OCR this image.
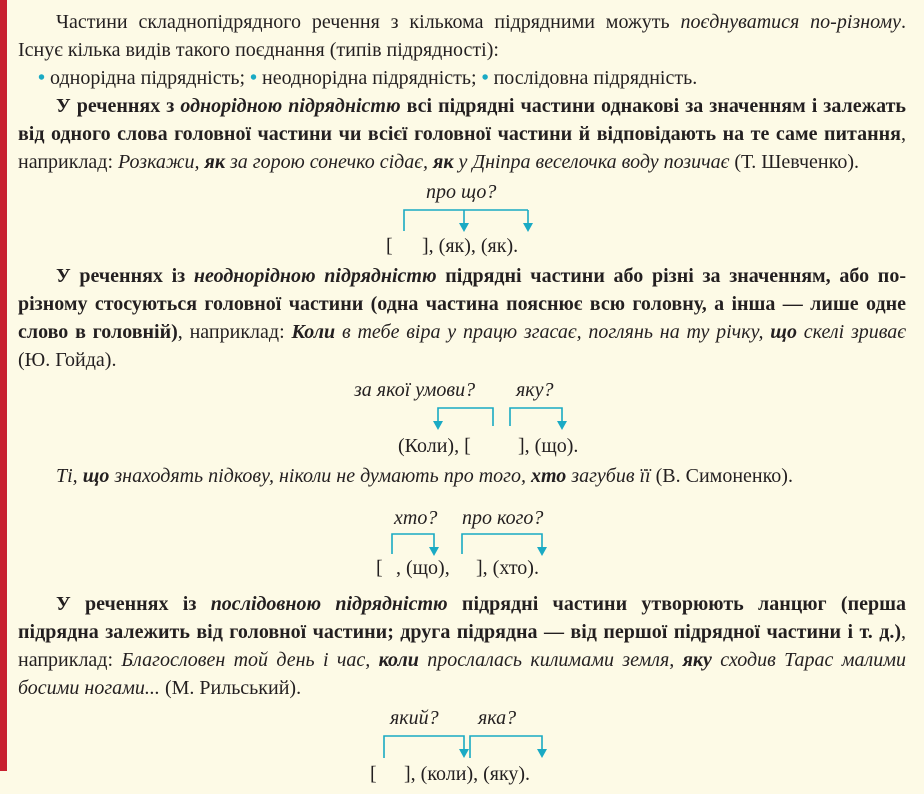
Частини складнопідрядного речення з кількома підрядними можуть поєднуватися по-різному. Існує кілька видів такого поєднання (типів підрядності):

• однорідна підрядність; • неоднорідна підрядність; • послідовна підрядність.

У реченнях з однорідною підрядністю всі підрядні частини однакові за значенням і залежать від одного слова головної частини чи всієї головної частини й відповідають на те саме питання, наприклад: Розкажи, як за горою сонечко сідає, як у Дніпра веселочка воду позичає (Т. Шевченко).

про що?
[ ], (як), (як).

У реченнях із неоднорідною підрядністю підрядні частини або різні за значенням, або по-різному стосуються головної частини (одна частина пояснює всю головну, а інша — лише одне слово в головній), наприклад: Коли в тебе віра у працю згасає, поглянь на ту річку, що скелі зриває (Ю. Гойда).

за якої умови? яку?
(Коли), [ ], (що).

Ті, що знаходять підкову, ніколи не думають про того, хто загубив її (В. Симоненко).

хто? про кого?
[ , (що), ], (хто).

У реченнях із послідовною підрядністю підрядні частини утворюють ланцюг (перша підрядна залежить від головної частини; друга підрядна — від першої підрядної частини і т. д.), наприклад: Благословен той день і час, коли прослалась килимами земля, яку сходив Тарас малими босими ногами... (М. Рильський).

який? яка?
[ ], (коли), (яку).
